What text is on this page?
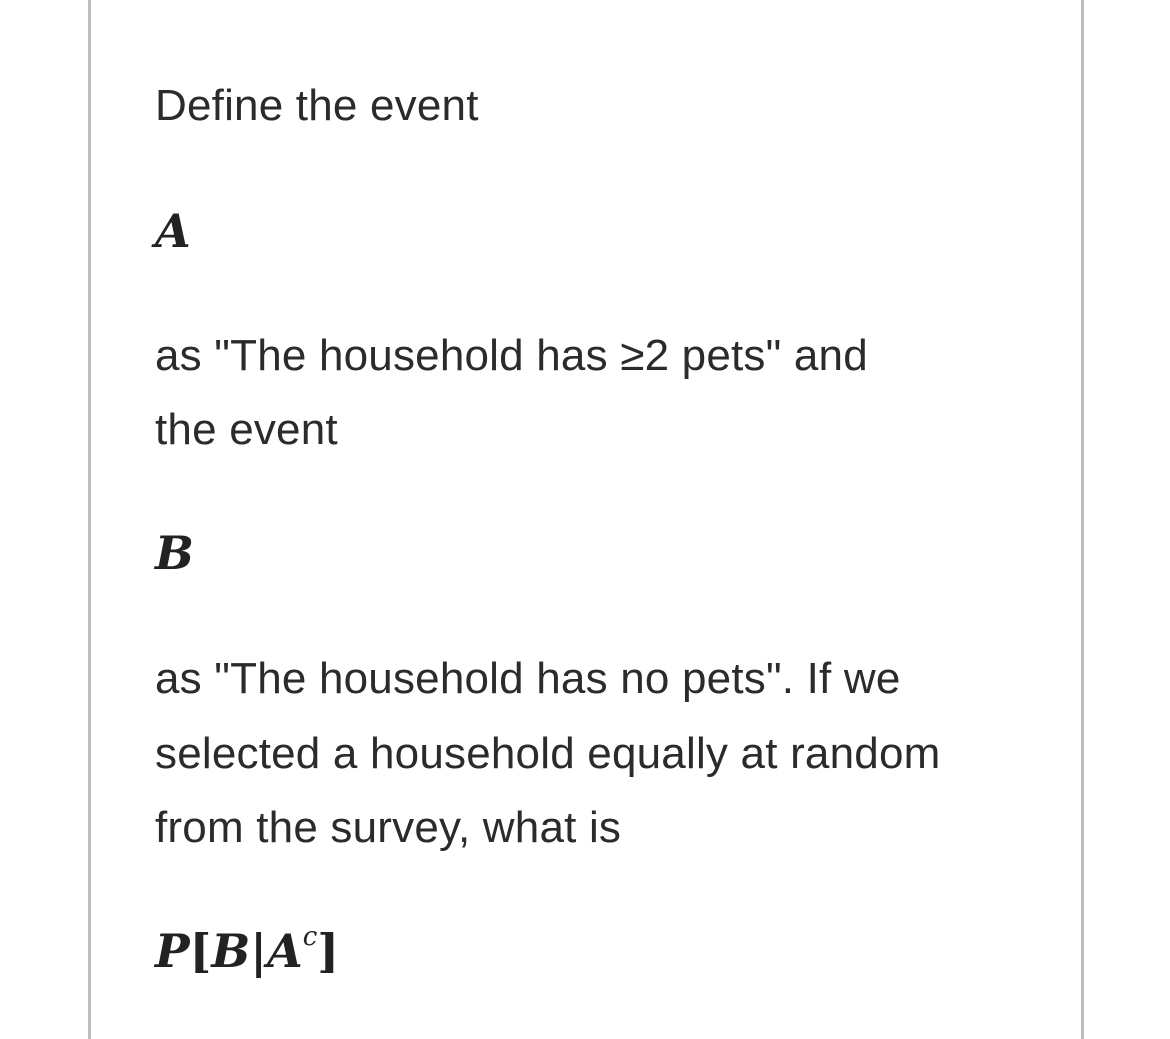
Define the event
A
as "The household has ≥2 pets" and
the event
B
as "The household has no pets". If we
selected a household equally at random
from the survey, what is
$P[B|A^c]$
